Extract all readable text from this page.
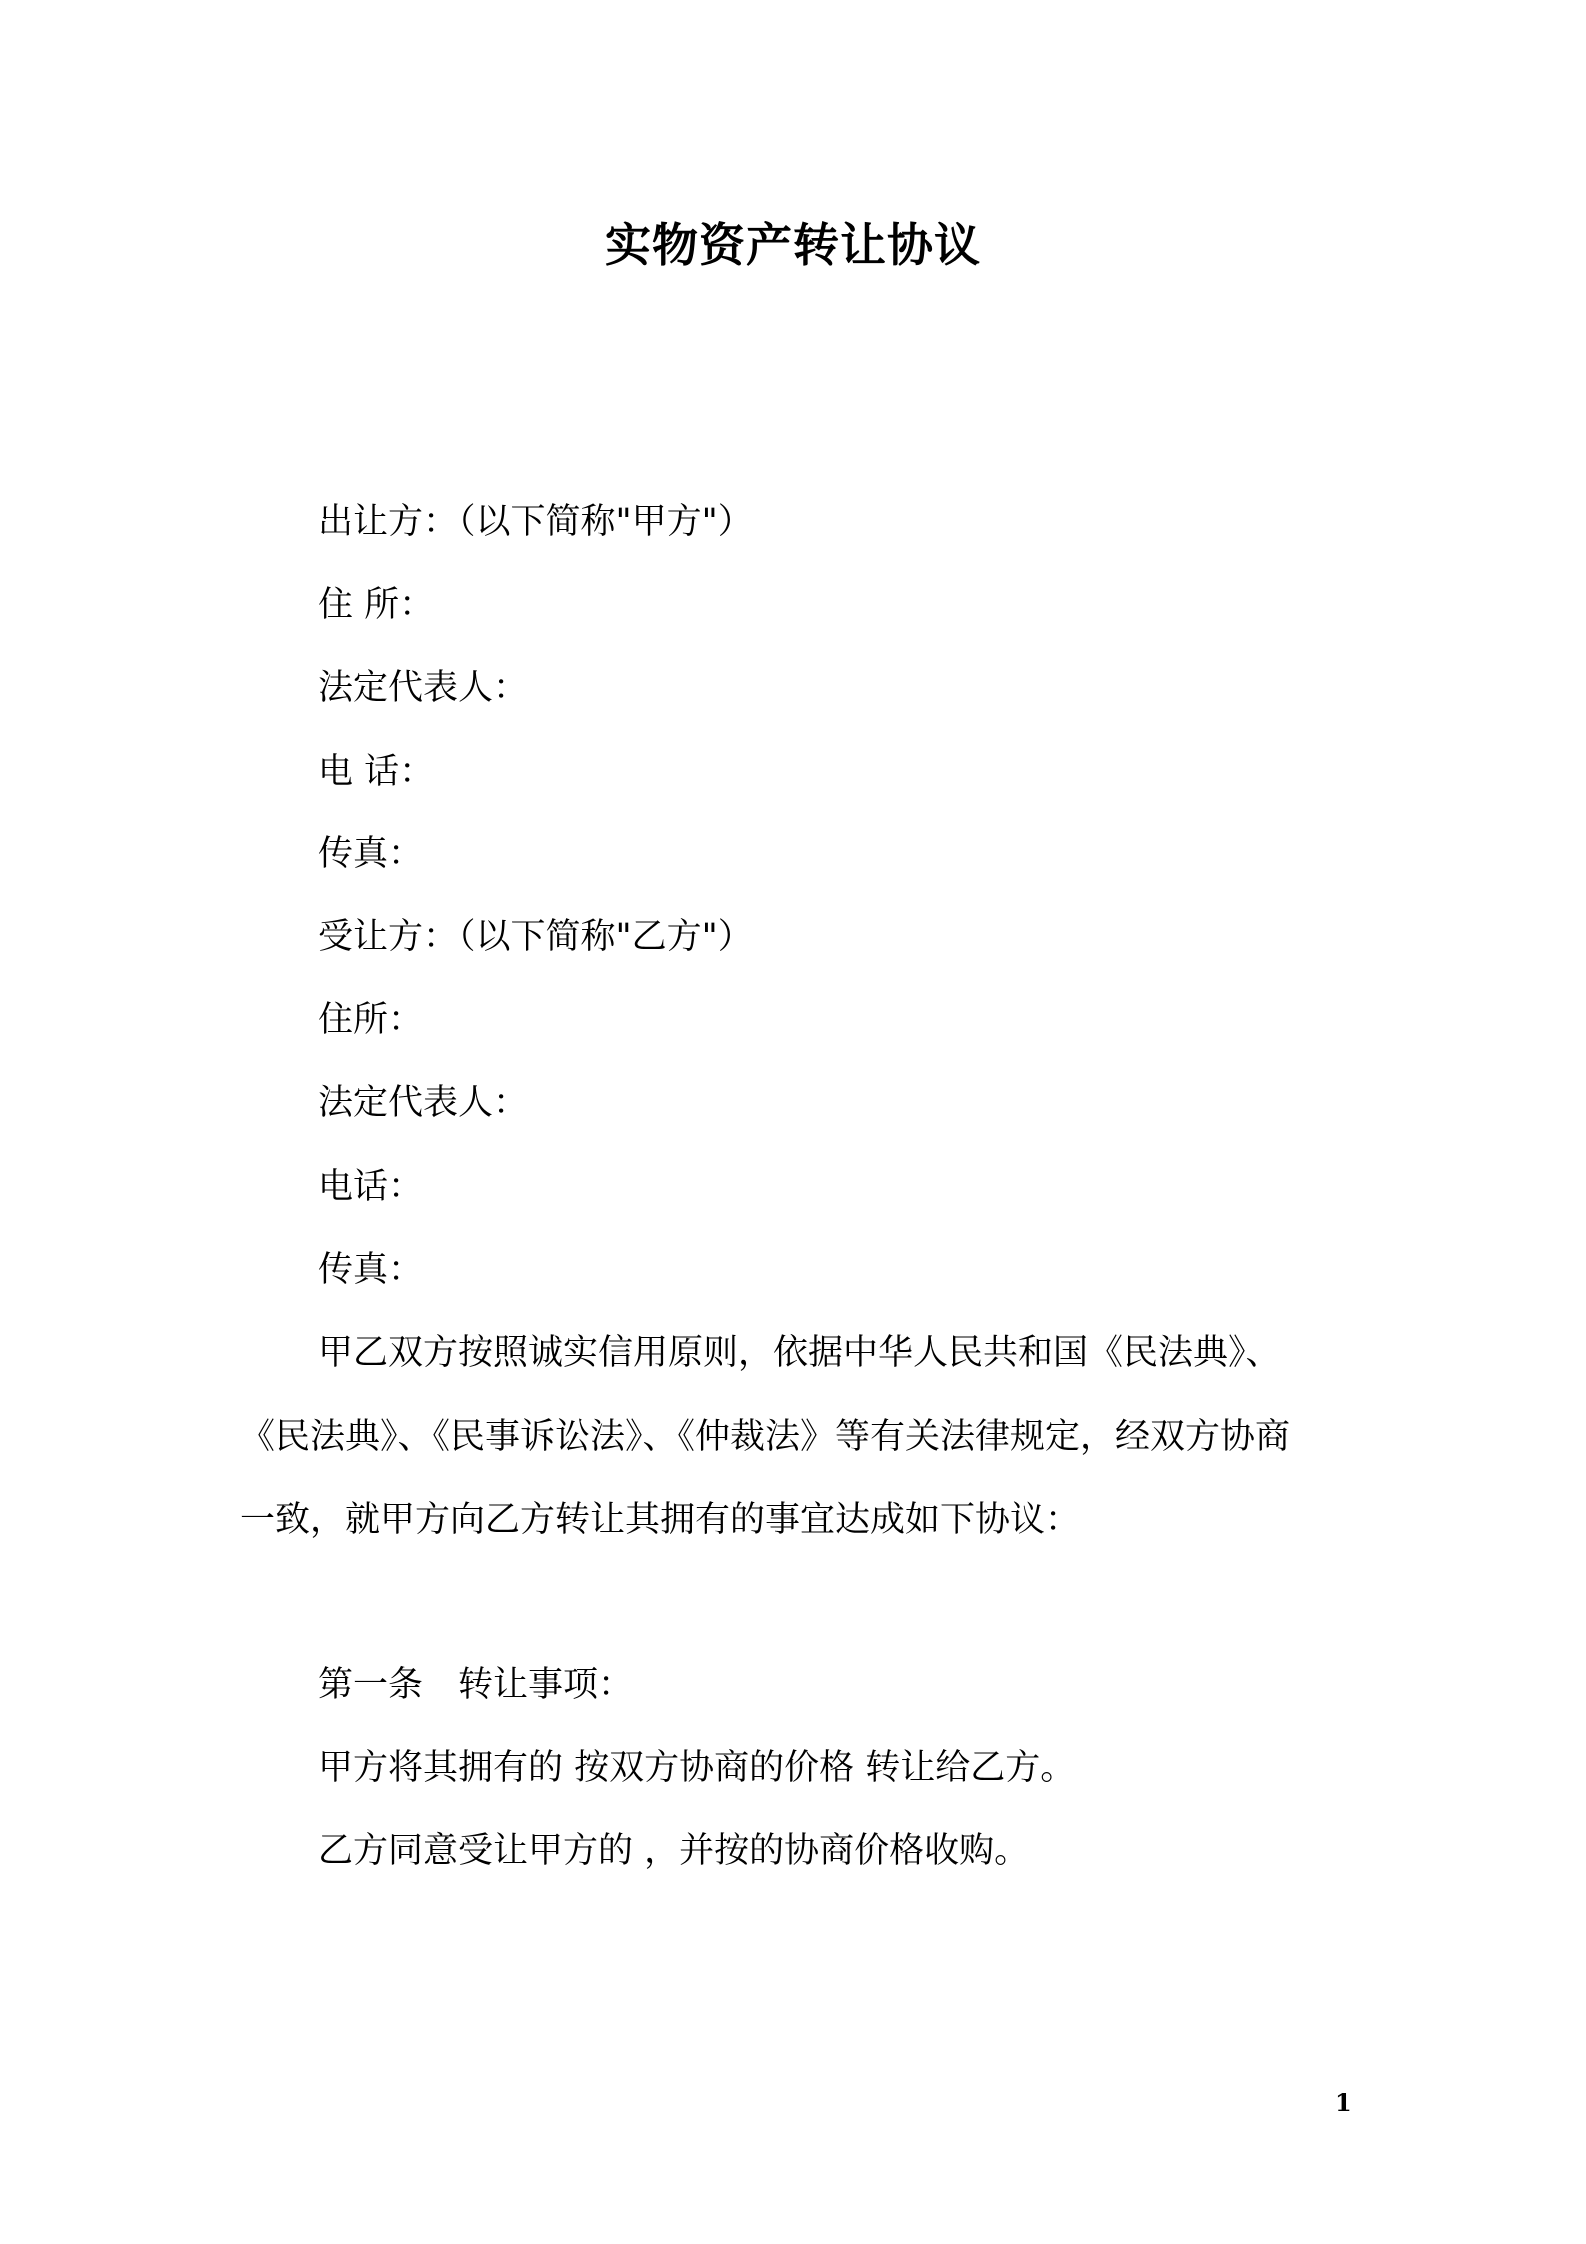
实物资产转让协议
出让方：（以下简称"甲方"）
住 所：
法定代表人：
电 话：
传真：
受让方：（以下简称"乙方"）
住所：
法定代表人：
电话：
传真：
甲乙双方按照诚实信用原则，依据中华人民共和国《民法典》、
《民法典》、《民事诉讼法》、《仲裁法》等有关法律规定，经双方协商
一致，就甲方向乙方转让其拥有的事宜达成如下协议：
第一条　转让事项：
甲方将其拥有的 按双方协商的价格 转让给乙方。
乙方同意受让甲方的 ，并按的协商价格收购。
1
